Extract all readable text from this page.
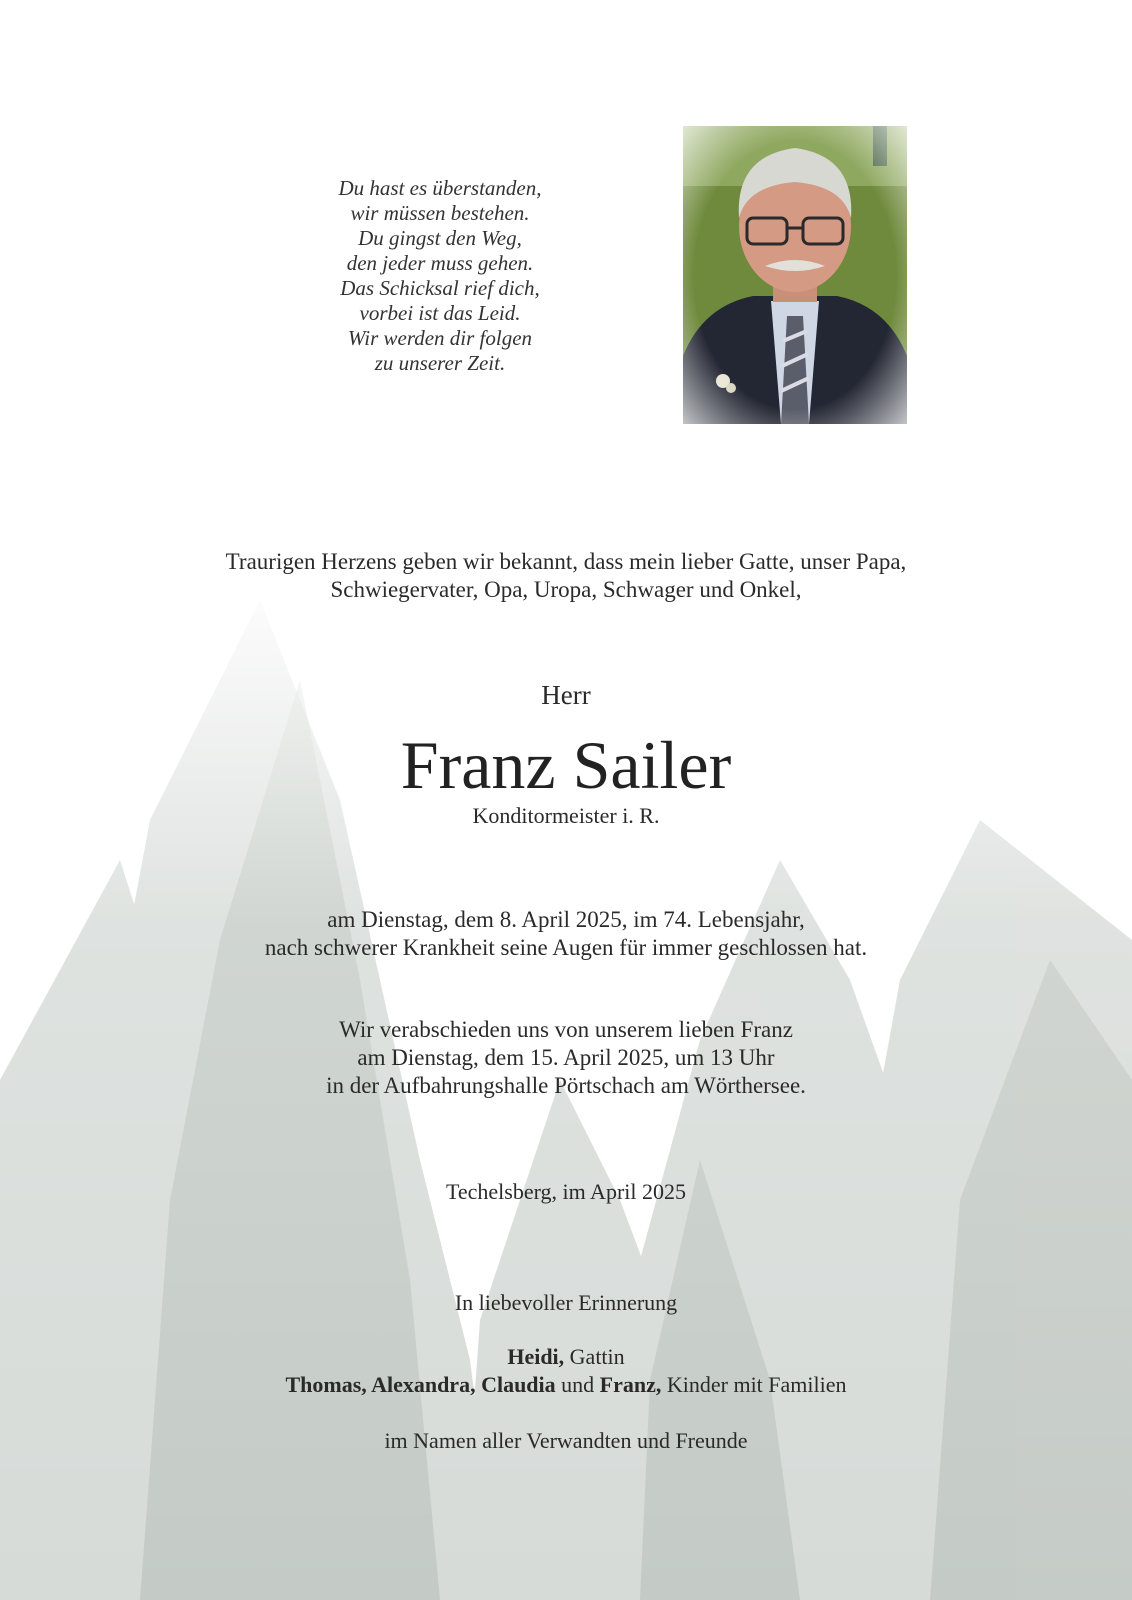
Du hast es überstanden,
wir müssen bestehen.
Du gingst den Weg,
den jeder muss gehen.
Das Schicksal rief dich,
vorbei ist das Leid.
Wir werden dir folgen
zu unserer Zeit.
Traurigen Herzens geben wir bekannt, dass mein lieber Gatte, unser Papa,
Schwiegervater, Opa, Uropa, Schwager und Onkel,
Herr
Franz Sailer
Konditormeister i. R.
am Dienstag, dem 8. April 2025, im 74. Lebensjahr,
nach schwerer Krankheit seine Augen für immer geschlossen hat.
Wir verabschieden uns von unserem lieben Franz
am Dienstag, dem 15. April 2025, um 13 Uhr
in der Aufbahrungshalle Pörtschach am Wörthersee.
Techelsberg, im April 2025
In liebevoller Erinnerung
Heidi, Gattin
Thomas, Alexandra, Claudia und Franz, Kinder mit Familien
im Namen aller Verwandten und Freunde
